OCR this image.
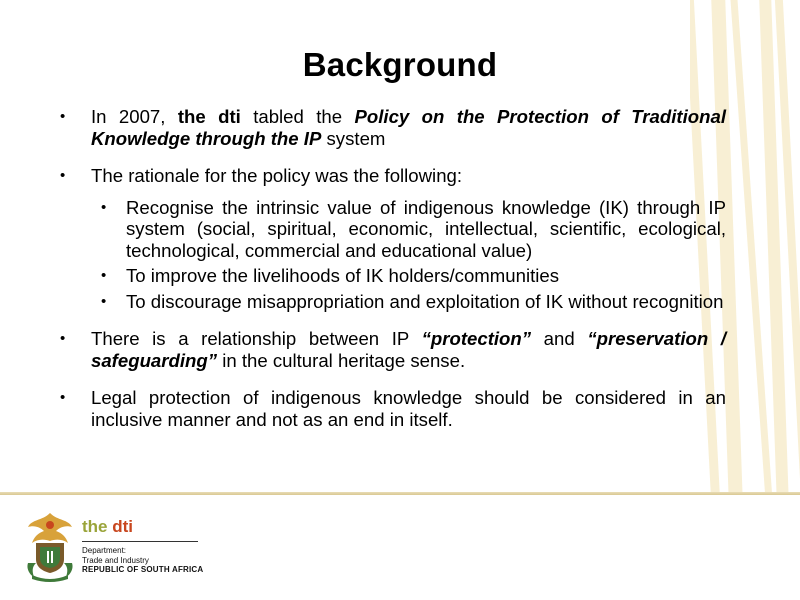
Background
• In 2007, the dti tabled the Policy on the Protection of Traditional Knowledge through the IP system
• The rationale for the policy was the following:
• Recognise the intrinsic value of indigenous knowledge (IK) through IP system (social, spiritual, economic, intellectual, scientific, ecological, technological, commercial and educational value)
• To improve the livelihoods of IK holders/communities
• To discourage misappropriation and exploitation of IK without recognition
• There is a relationship between IP “protection” and “preservation / safeguarding” in the cultural heritage sense.
• Legal protection of indigenous knowledge should be considered in an inclusive manner and not as an end in itself.
the dti
Department:
Trade and Industry
REPUBLIC OF SOUTH AFRICA
